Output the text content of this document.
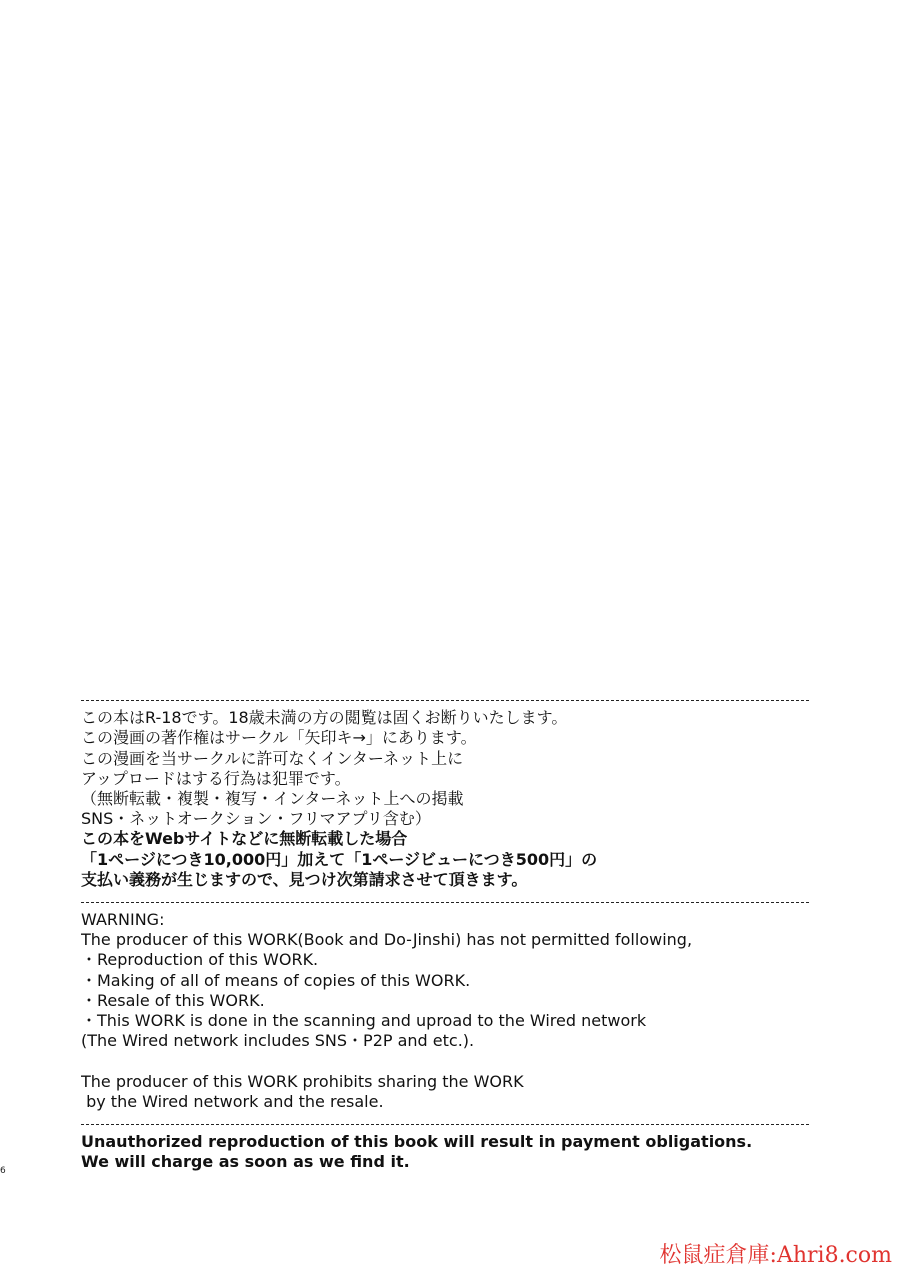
この本はR-18です。18歳未満の方の閲覧は固くお断りいたします。
この漫画の著作権はサークル「矢印キ→」にあります。
この漫画を当サークルに許可なくインターネット上に
アップロードはする行為は犯罪です。
（無断転載・複製・複写・インターネット上への掲載
SNS・ネットオークション・フリマアプリ含む）
この本をWebサイトなどに無断転載した場合
「1ページにつき10,000円」加えて「1ページビューにつき500円」の
支払い義務が生じますので、見つけ次第請求させて頂きます。
WARNING:
The producer of this WORK(Book and Do-Jinshi) has not permitted following,
・Reproduction of this WORK.
・Making of all of means of copies of this WORK.
・Resale of this WORK.
・This WORK is done in the scanning and uproad to the Wired network
(The Wired network includes SNS・P2P and etc.).
The producer of this WORK prohibits sharing the WORK
by the Wired network and the resale.
Unauthorized reproduction of this book will result in payment obligations.
We will charge as soon as we find it.
6
松鼠症倉庫:Ahri8.com
